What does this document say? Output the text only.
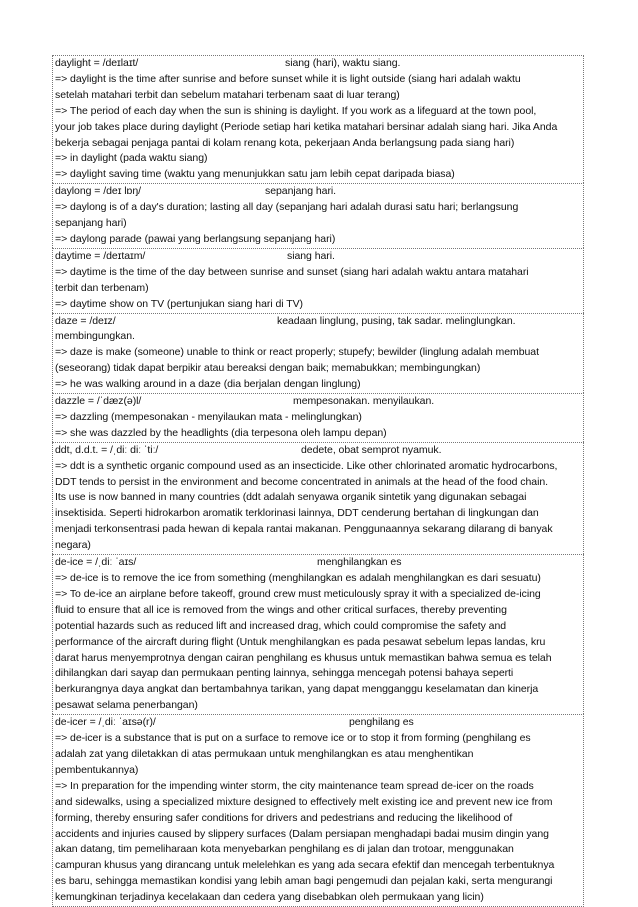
daylight = /deɪlaɪt/	siang (hari), waktu siang.
=> daylight is the time after sunrise and before sunset while it is light outside (siang hari adalah waktu
setelah matahari terbit dan sebelum matahari terbenam saat di luar terang)
=> The period of each day when the sun is shining is daylight. If you work as a lifeguard at the town pool,
your job takes place during daylight (Periode setiap hari ketika matahari bersinar adalah siang hari. Jika Anda
bekerja sebagai penjaga pantai di kolam renang kota, pekerjaan Anda berlangsung pada siang hari)
=> in daylight (pada waktu siang)
=> daylight saving time (waktu yang menunjukkan satu jam lebih cepat daripada biasa)
daylong = /deɪ lɒŋ/	sepanjang hari.
=> daylong is of a day's duration; lasting all day (sepanjang hari adalah durasi satu hari; berlangsung
sepanjang hari)
=> daylong parade (pawai yang berlangsung sepanjang hari)
daytime = /deɪtaɪm/	siang hari.
=> daytime is the time of the day between sunrise and sunset (siang hari adalah waktu antara matahari
terbit dan terbenam)
=> daytime show on TV (pertunjukan siang hari di TV)
daze = /deɪz/	keadaan linglung, pusing, tak sadar. melinglungkan.
membingungkan.
=> daze is make (someone) unable to think or react properly; stupefy; bewilder (linglung adalah membuat
(seseorang) tidak dapat berpikir atau bereaksi dengan baik; memabukkan; membingungkan)
=> he was walking around in a daze (dia berjalan dengan linglung)
dazzle = /ˈdæz(ə)l/	mempesonakan. menyilaukan.
=> dazzling (mempesonakan - menyilaukan mata - melinglungkan)
=> she was dazzled by the headlights (dia terpesona oleh lampu depan)
ddt, d.d.t. = /ˌdiː diː ˈtiː/	dedete, obat semprot nyamuk.
=> ddt is a synthetic organic compound used as an insecticide. Like other chlorinated aromatic hydrocarbons,
DDT tends to persist in the environment and become concentrated in animals at the head of the food chain.
Its use is now banned in many countries (ddt adalah senyawa organik sintetik yang digunakan sebagai
insektisida. Seperti hidrokarbon aromatik terklorinasi lainnya, DDT cenderung bertahan di lingkungan dan
menjadi terkonsentrasi pada hewan di kepala rantai makanan. Penggunaannya sekarang dilarang di banyak
negara)
de-ice = /ˌdiː ˈaɪs/	menghilangkan es
=> de-ice is to remove the ice from something (menghilangkan es adalah menghilangkan es dari sesuatu)
=> To de-ice an airplane before takeoff, ground crew must meticulously spray it with a specialized de-icing
fluid to ensure that all ice is removed from the wings and other critical surfaces, thereby preventing
potential hazards such as reduced lift and increased drag, which could compromise the safety and
performance of the aircraft during flight (Untuk menghilangkan es pada pesawat sebelum lepas landas, kru
darat harus menyemprotnya dengan cairan penghilang es khusus untuk memastikan bahwa semua es telah
dihilangkan dari sayap dan permukaan penting lainnya, sehingga mencegah potensi bahaya seperti
berkurangnya daya angkat dan bertambahnya tarikan, yang dapat mengganggu keselamatan dan kinerja
pesawat selama penerbangan)
de-icer = /ˌdiː ˈaɪsə(r)/	penghilang es
=> de-icer is a substance that is put on a surface to remove ice or to stop it from forming (penghilang es
adalah zat yang diletakkan di atas permukaan untuk menghilangkan es atau menghentikan
pembentukannya)
=> In preparation for the impending winter storm, the city maintenance team spread de-icer on the roads
and sidewalks, using a specialized mixture designed to effectively melt existing ice and prevent new ice from
forming, thereby ensuring safer conditions for drivers and pedestrians and reducing the likelihood of
accidents and injuries caused by slippery surfaces (Dalam persiapan menghadapi badai musim dingin yang
akan datang, tim pemeliharaan kota menyebarkan penghilang es di jalan dan trotoar, menggunakan
campuran khusus yang dirancang untuk melelehkan es yang ada secara efektif dan mencegah terbentuknya
es baru, sehingga memastikan kondisi yang lebih aman bagi pengemudi dan pejalan kaki, serta mengurangi
kemungkinan terjadinya kecelakaan dan cedera yang disebabkan oleh permukaan yang licin)
